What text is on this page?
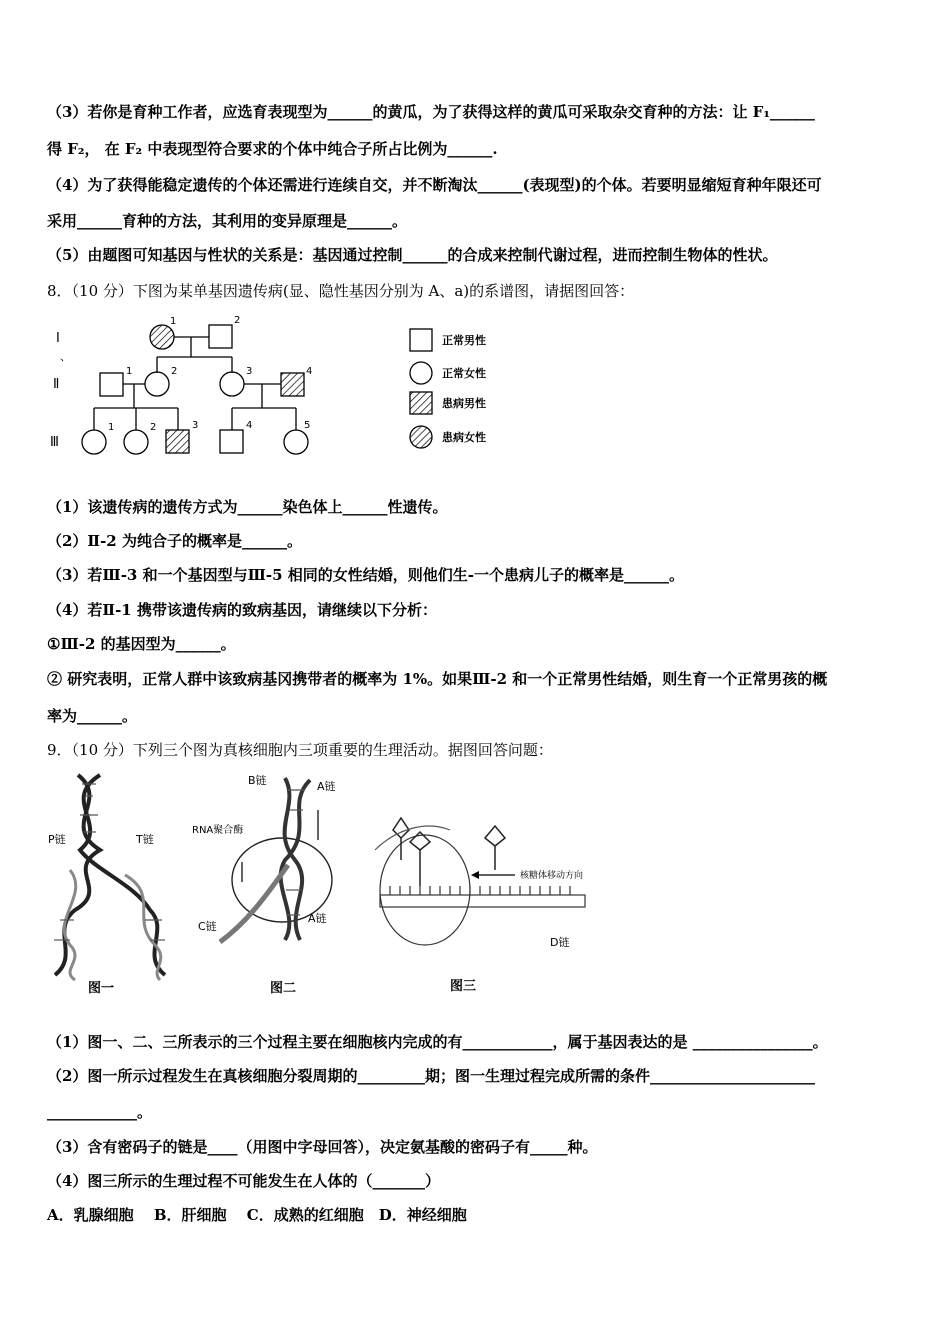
（3）若你是育种工作者，应选育表现型为______的黄瓜，为了获得这样的黄瓜可采取杂交育种的方法：让 F₁______
得 F₂， 在 F₂ 中表现型符合要求的个体中纯合子所占比例为______.
（4）为了获得能稳定遗传的个体还需进行连续自交，并不断淘汰______(表现型)的个体。若要明显缩短育种年限还可
采用______育种的方法，其利用的变异原理是______。
（5）由题图可知基因与性状的关系是：基因通过控制______的合成来控制代谢过程，进而控制生物体的性状。
8．（10 分）下图为某单基因遗传病(显、隐性基因分别为 A、a)的系谱图，请据图回答：
Ⅰ
、
Ⅱ
Ⅲ
1	2
1	2	3	4
1	2	3	4	5
正常男性
正常女性
患病男性
患病女性
（1）该遗传病的遗传方式为______染色体上______性遗传。
（2）Ⅱ-2 为纯合子的概率是______。
（3）若Ⅲ-3 和一个基因型与Ⅲ-5 相同的女性结婚，则他们生-一个患病儿子的概率是______。
（4）若Ⅱ-1 携带该遗传病的致病基因，请继续以下分析：
①Ⅲ-2 的基因型为______。
② 研究表明，正常人群中该致病基冈携带者的概率为 1%。如果Ⅲ-2 和一个正常男性结婚，则生育一个正常男孩的概
率为______。
9．（10 分）下列三个图为真核细胞内三项重要的生理活动。据图回答问题：
P链	T链
图一
B链	A链
RNA聚合酶
C链
A链
图二
核糖体移动方向
D链
图三
（1）图一、二、三所表示的三个过程主要在细胞核内完成的有____________，属于基因表达的是 ________________。
（2）图一所示过程发生在真核细胞分裂周期的_________期；图一生理过程完成所需的条件______________________
____________。
（3）含有密码子的链是____（用图中字母回答），决定氨基酸的密码子有_____种。
（4）图三所示的生理过程不可能发生在人体的（_______）
A．乳腺细胞　 B．肝细胞　 C．成熟的红细胞　D．神经细胞
